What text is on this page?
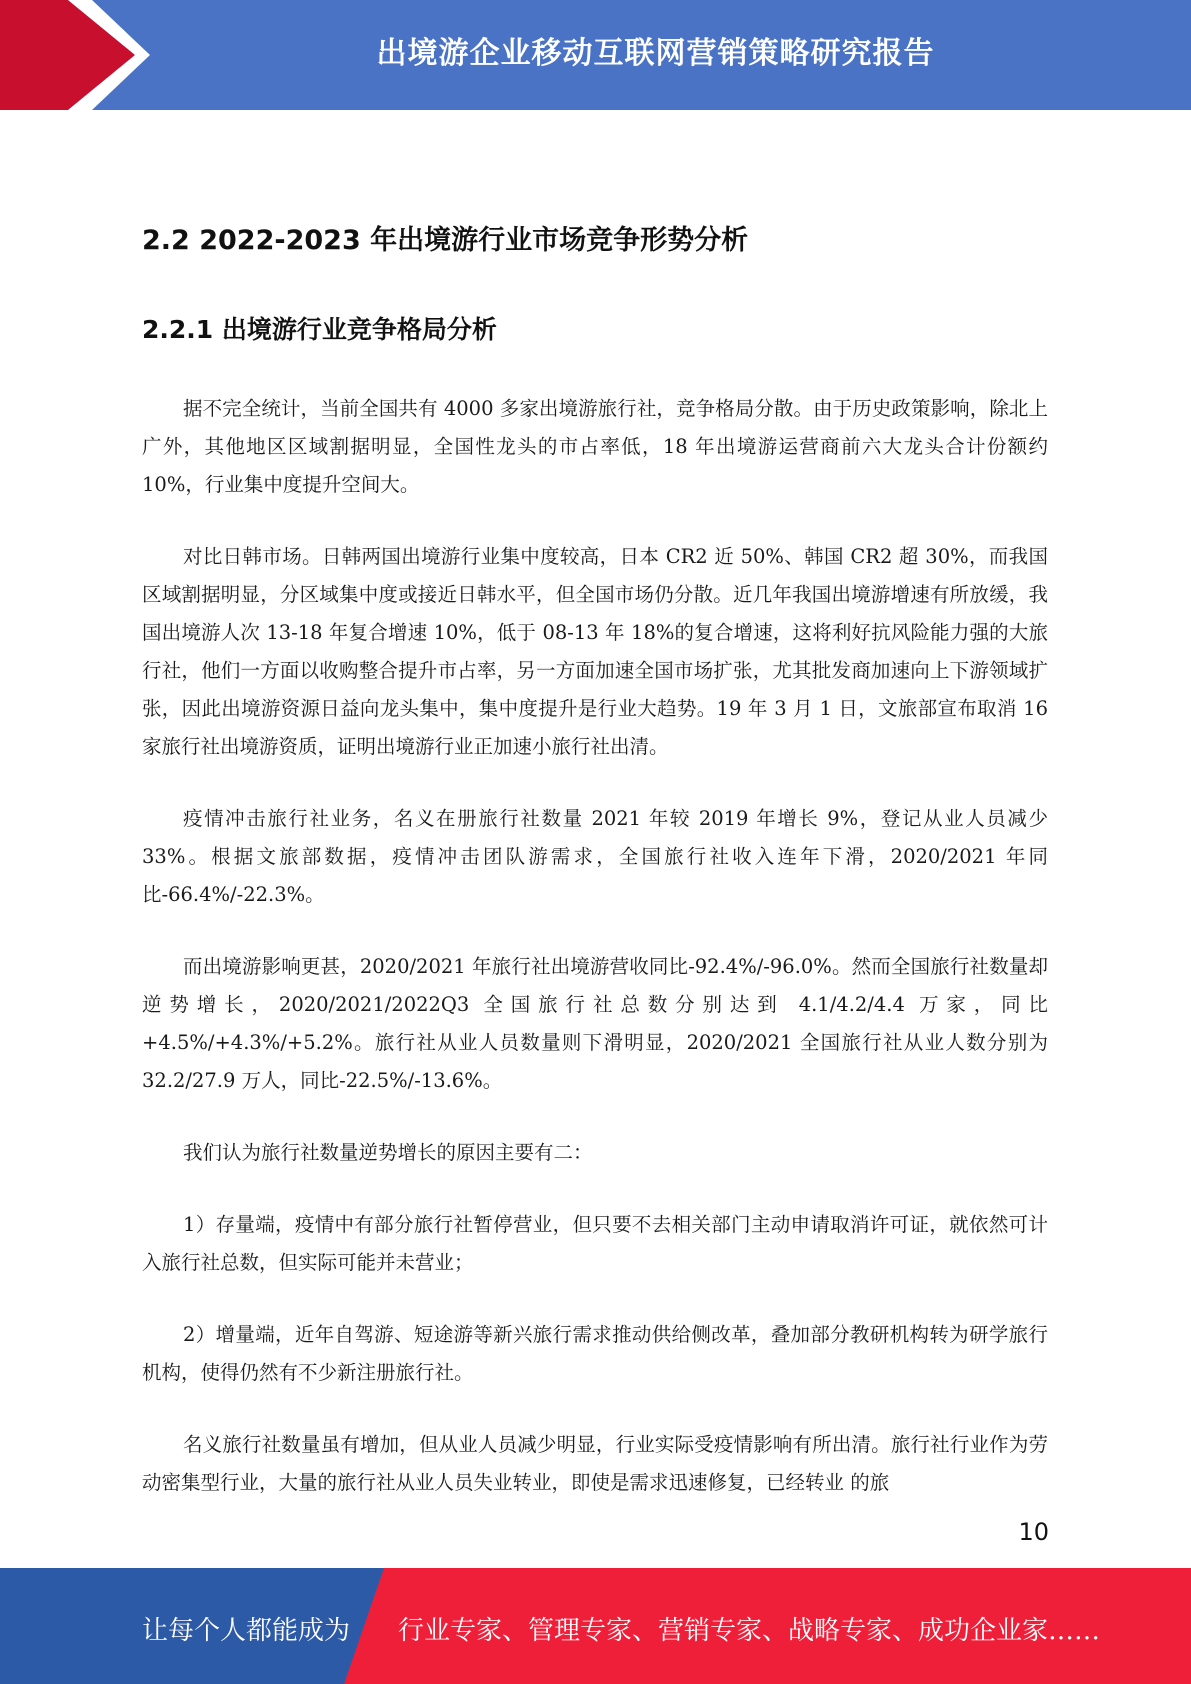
出境游企业移动互联网营销策略研究报告
2.2 2022-2023 年出境游行业市场竞争形势分析
2.2.1 出境游行业竞争格局分析

据不完全统计，当前全国共有 4000 多家出境游旅行社，竞争格局分散。由于历史政策影响，除北上广外，其他地区区域割据明显，全国性龙头的市占率低，18 年出境游运营商前六大龙头合计份额约 10%，行业集中度提升空间大。

对比日韩市场。日韩两国出境游行业集中度较高，日本 CR2 近 50%、韩国 CR2 超 30%，而我国区域割据明显，分区域集中度或接近日韩水平，但全国市场仍分散。近几年我国出境游增速有所放缓，我国出境游人次 13-18 年复合增速 10%，低于 08-13 年 18%的复合增速，这将利好抗风险能力强的大旅行社，他们一方面以收购整合提升市占率，另一方面加速全国市场扩张，尤其批发商加速向上下游领域扩张，因此出境游资源日益向龙头集中，集中度提升是行业大趋势。19 年 3 月 1 日，文旅部宣布取消 16 家旅行社出境游资质，证明出境游行业正加速小旅行社出清。

疫情冲击旅行社业务，名义在册旅行社数量 2021 年较 2019 年增长 9%，登记从业人员减少 33%。根据文旅部数据，疫情冲击团队游需求，全国旅行社收入连年下滑，2020/2021 年同比-66.4%/-22.3%。

而出境游影响更甚，2020/2021 年旅行社出境游营收同比-92.4%/-96.0%。然而全国旅行社数量却逆势增长，2020/2021/2022Q3 全国旅行社总数分别达到 4.1/4.2/4.4 万家，同比+4.5%/+4.3%/+5.2%。旅行社从业人员数量则下滑明显，2020/2021 全国旅行社从业人数分别为 32.2/27.9 万人，同比-22.5%/-13.6%。

我们认为旅行社数量逆势增长的原因主要有二：

1）存量端，疫情中有部分旅行社暂停营业，但只要不去相关部门主动申请取消许可证，就依然可计入旅行社总数，但实际可能并未营业；

2）增量端，近年自驾游、短途游等新兴旅行需求推动供给侧改革，叠加部分教研机构转为研学旅行机构，使得仍然有不少新注册旅行社。

名义旅行社数量虽有增加，但从业人员减少明显，行业实际受疫情影响有所出清。旅行社行业作为劳动密集型行业，大量的旅行社从业人员失业转业，即使是需求迅速修复，已经转业 的旅

10
让每个人都能成为 行业专家、管理专家、营销专家、战略专家、成功企业家……
